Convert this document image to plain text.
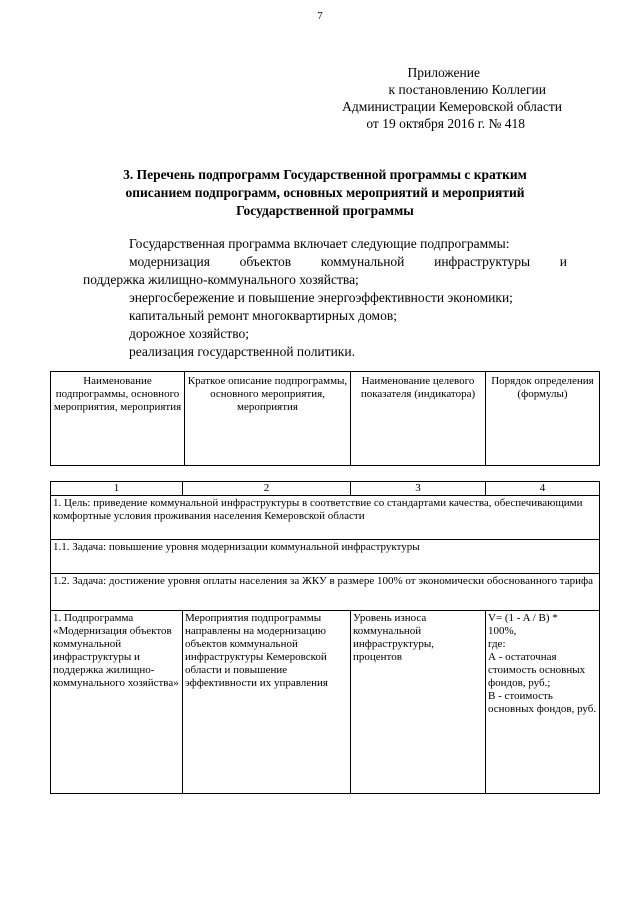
7
Приложение
к постановлению Коллегии
Администрации Кемеровской области
от 19 октября 2016 г. № 418
3. Перечень подпрограмм Государственной программы с кратким
описанием подпрограмм, основных мероприятий и мероприятий
Государственной программы
Государственная программа включает следующие подпрограммы:
модернизация объектов коммунальной инфраструктуры и
поддержка жилищно-коммунального хозяйства;
энергосбережение и повышение энергоэффективности экономики;
капитальный ремонт многоквартирных домов;
дорожное хозяйство;
реализация государственной политики.
Наименование подпрограммы, основного мероприятия, мероприятия	Краткое описание подпрограммы, основного мероприятия, мероприятия	Наименование целевого показателя (индикатора)	Порядок определения (формулы)
1	2	3	4
1. Цель: приведение коммунальной инфраструктуры в соответствие со стандартами качества, обеспечивающими комфортные условия проживания населения Кемеровской области			
1.1. Задача: повышение уровня модернизации коммунальной инфраструктуры			
1.2. Задача: достижение уровня оплаты населения за ЖКУ в размере 100% от экономически обоснованного тарифа			
1. Подпрограмма «Модернизация объектов коммунальной инфраструктуры и поддержка жилищно-коммунального хозяйства»	Мероприятия подпрограммы направлены на модернизацию объектов коммунальной инфраструктуры Кемеровской области и повышение эффективности их управления	Уровень износа коммунальной инфраструктуры, процентов	V= (1 - A / B) *
100%,
где:
А - остаточная стоимость основных фондов, руб.;
В - стоимость основных фондов, руб.
